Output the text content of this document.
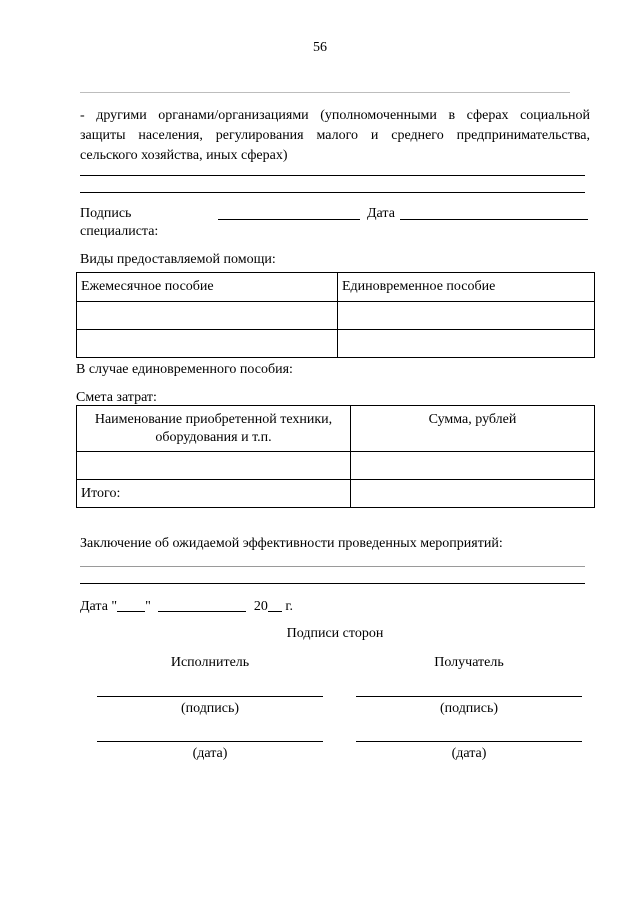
56
- другими органами/организациями (уполномоченными в сферах социальной защиты населения, регулирования малого и среднего предпринимательства, сельского хозяйства, иных сферах)
Подпись
специалиста:
Дата
Виды предоставляемой помощи:
Ежемесячное пособие	Единовременное пособие

В случае единовременного пособия:
Смета затрат:
Наименование приобретенной техники, оборудования и т.п.	Сумма, рублей

Итого:	
Заключение об ожидаемой эффективности проведенных мероприятий:
Дата " "	20 г.
Подписи сторон
Исполнитель	Получатель
(подпись)	(подпись)
(дата)	(дата)
